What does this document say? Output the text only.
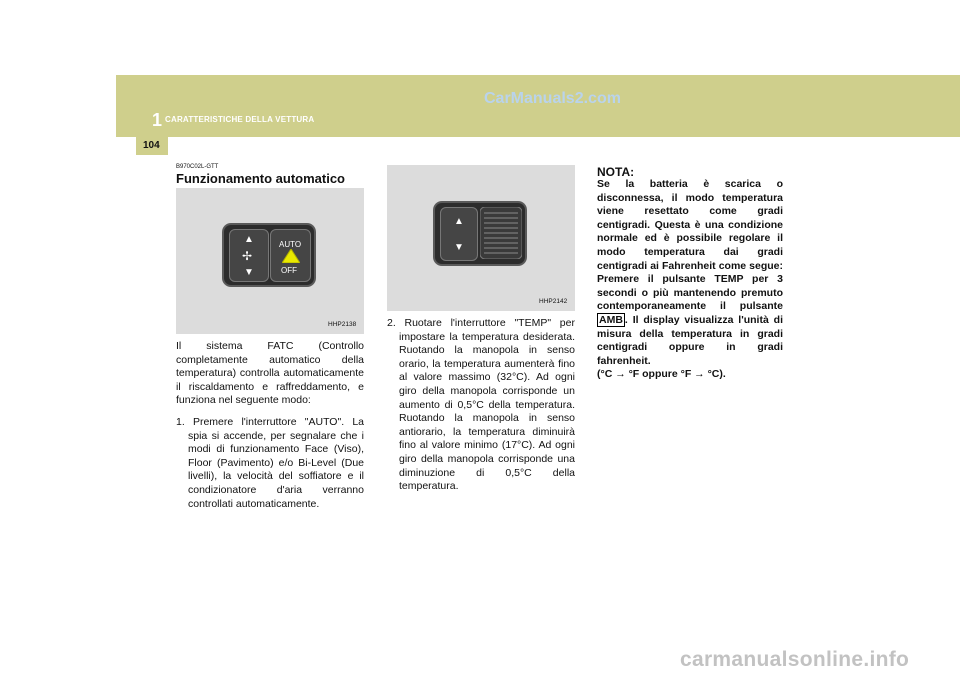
1 CARATTERISTICHE DELLA VETTURA
CarManuals2.com
104
B970C02L-GTT
Funzionamento automatico
▲
✢
▼
AUTO
OFF
HHP2138
▲
▼
HHP2142

Il sistema FATC (Controllo completamente automatico della temperatura) controlla automaticamente il riscaldamento e raffreddamento, e funziona nel seguente modo:

1. Premere l'interruttore "AUTO". La spia si accende, per segnalare che i modi di funzionamento Face (Viso), Floor (Pavimento) e/o Bi-Level (Due livelli), la velocità del soffiatore e il condizionatore d'aria verranno controllati automaticamente.

2. Ruotare l'interruttore "TEMP" per impostare la temperatura desiderata. Ruotando la manopola in senso orario, la temperatura aumenterà fino al valore massimo (32°C). Ad ogni giro della manopola corrisponde un aumento di 0,5°C della temperatura. Ruotando la manopola in senso antiorario, la temperatura diminuirà fino al valore minimo (17°C). Ad ogni giro della manopola corrisponde una diminuzione di 0,5°C della temperatura.

NOTA:
Se la batteria è scarica o disconnessa, il modo temperatura viene resettato come gradi centigradi. Questa è una condizione normale ed è possibile regolare il modo temperatura dai gradi centigradi ai Fahrenheit come segue: Premere il pulsante TEMP per 3 secondi o più mantenendo premuto contemporaneamente il pulsante AMB . Il display visualizza l'unità di misura della temperatura in gradi centigradi oppure in gradi fahrenheit.
(°C → °F oppure °F → °C).
carmanualsonline.info
